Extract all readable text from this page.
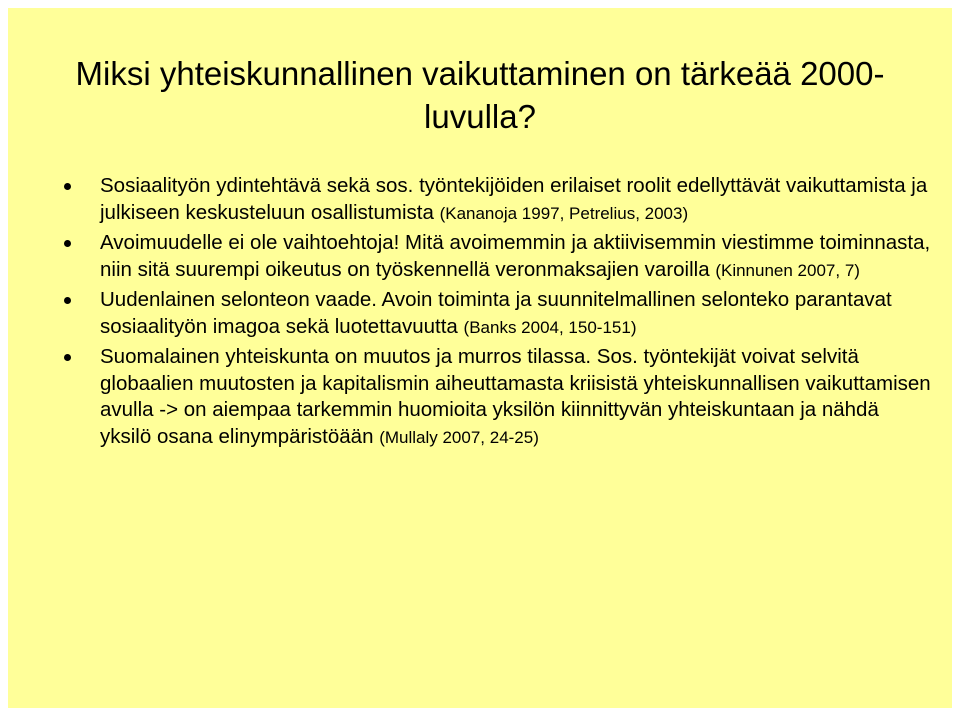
Miksi yhteiskunnallinen vaikuttaminen on tärkeää 2000-luvulla?
Sosiaalityön ydintehtävä sekä sos. työntekijöiden erilaiset roolit edellyttävät vaikuttamista ja julkiseen keskusteluun osallistumista (Kananoja 1997, Petrelius, 2003)
Avoimuudelle ei ole vaihtoehtoja! Mitä avoimemmin ja aktiivisemmin viestimme toiminnasta, niin sitä suurempi oikeutus on työskennellä veronmaksajien varoilla (Kinnunen 2007, 7)
Uudenlainen selonteon vaade. Avoin toiminta ja suunnitelmallinen selonteko parantavat sosiaalityön imagoa sekä luotettavuutta (Banks 2004, 150-151)
Suomalainen yhteiskunta on muutos ja murros tilassa. Sos. työntekijät voivat selvitä globaalien muutosten ja kapitalismin aiheuttamasta kriisistä yhteiskunnallisen vaikuttamisen avulla -> on aiempaa tarkemmin huomioita yksilön kiinnittyvän yhteiskuntaan ja nähdä yksilö osana elinympäristöään (Mullaly 2007, 24-25)
